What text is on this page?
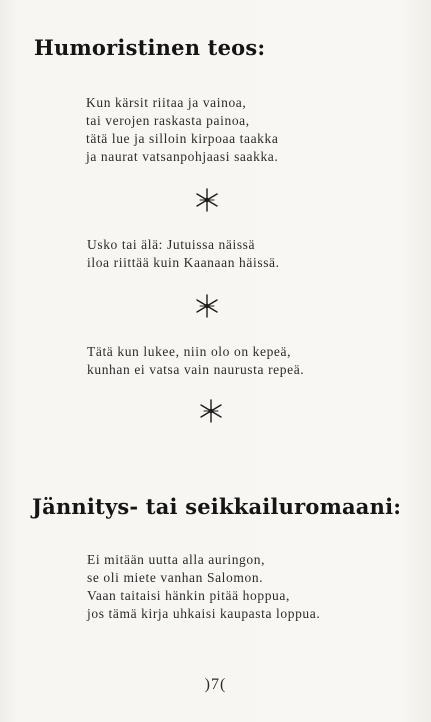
Humoristinen teos:
Kun kärsit riitaa ja vainoa,
tai verojen raskasta painoa,
tätä lue ja silloin kirpoaa taakka
ja naurat vatsanpohjaasi saakka.
Usko tai älä: Jutuissa näissä
iloa riittää kuin Kaanaan häissä.
Tätä kun lukee, niin olo on kepeä,
kunhan ei vatsa vain naurusta repeä.
Jännitys- tai seikkailuromaani:
Ei mitään uutta alla auringon,
se oli miete vanhan Salomon.
Vaan taitaisi hänkin pitää hoppua,
jos tämä kirja uhkaisi kaupasta loppua.
)7(
